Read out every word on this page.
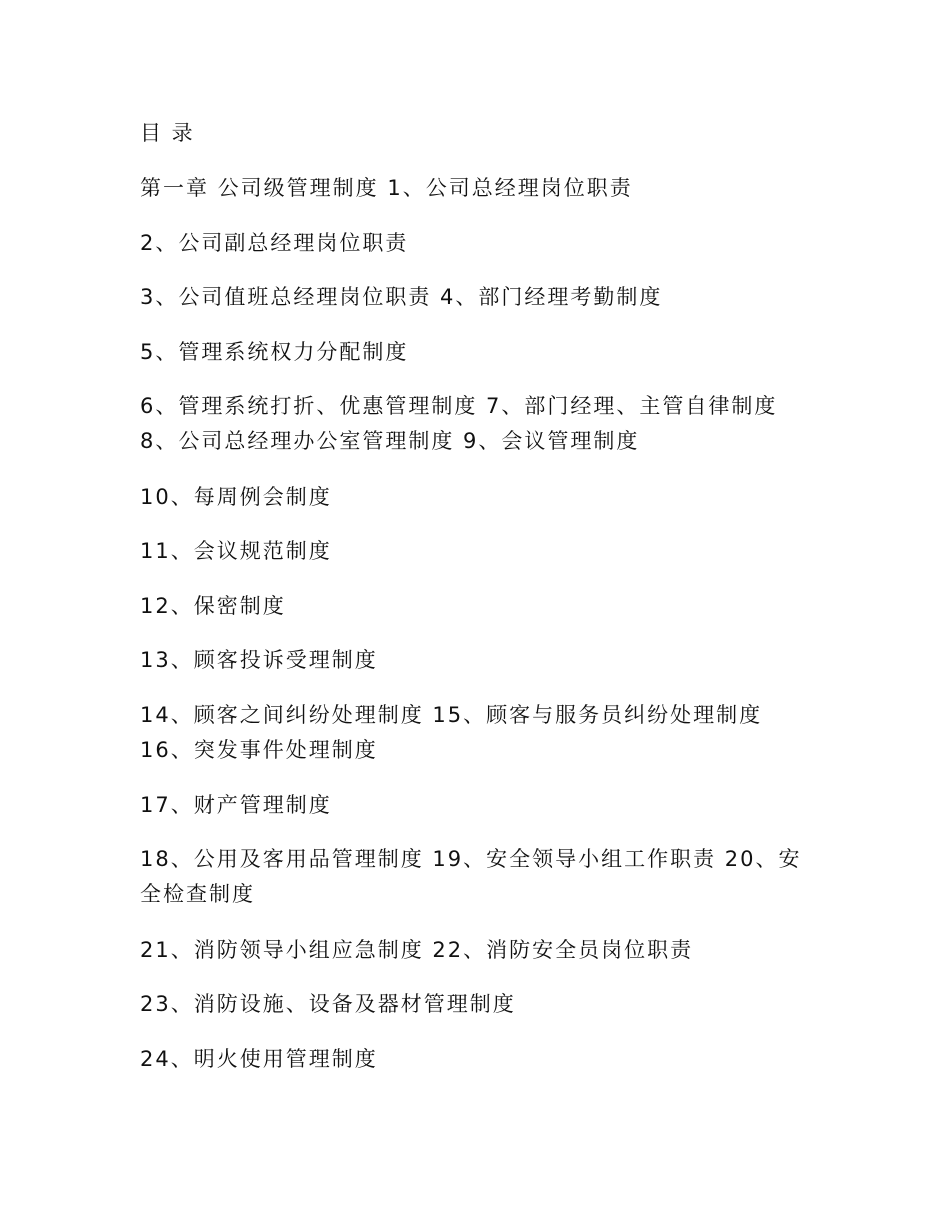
目 录

第一章 公司级管理制度 1、公司总经理岗位职责

2、公司副总经理岗位职责

3、公司值班总经理岗位职责 4、部门经理考勤制度

5、管理系统权力分配制度

6、管理系统打折、优惠管理制度 7、部门经理、主管自律制度 8、公司总经理办公室管理制度 9、会议管理制度

10、每周例会制度

11、会议规范制度

12、保密制度

13、顾客投诉受理制度

14、顾客之间纠纷处理制度 15、顾客与服务员纠纷处理制度 16、突发事件处理制度

17、财产管理制度

18、公用及客用品管理制度 19、安全领导小组工作职责 20、安全检查制度

21、消防领导小组应急制度 22、消防安全员岗位职责

23、消防设施、设备及器材管理制度

24、明火使用管理制度
